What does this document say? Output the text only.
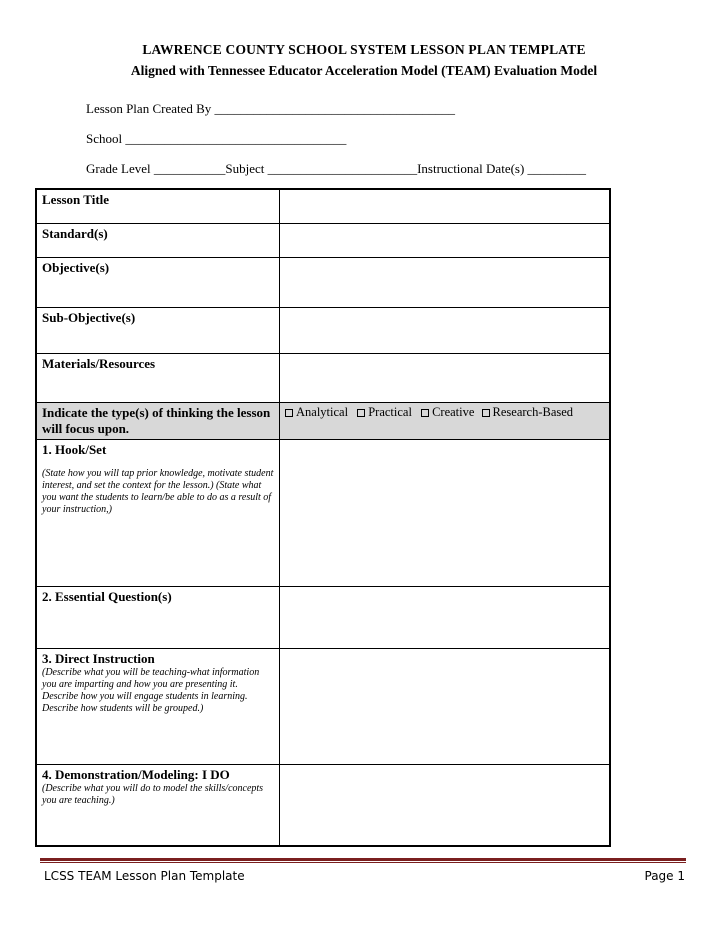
LAWRENCE COUNTY SCHOOL SYSTEM LESSON PLAN TEMPLATE

Aligned with Tennessee Educator Acceleration Model (TEAM) Evaluation Model

Lesson Plan Created By _____________________________________
School __________________________________
Grade Level ___________Subject _______________________Instructional Date(s) _________
Lesson Title	

Standard(s)	

Objective(s)	

Sub-Objective(s)	

Materials/Resources	

Indicate the type(s) of thinking the lesson will focus upon.	Analytical Practical Creative Research-Based

1. Hook/Set
(State how you will tap prior knowledge, motivate student interest, and set the context for the lesson.) (State what you want the students to learn/be able to do as a result of your instruction,)	

2. Essential Question(s)	

3. Direct Instruction
(Describe what you will be teaching-what information you are imparting and how you are presenting it. Describe how you will engage students in learning. Describe how students will be grouped.)	

4. Demonstration/Modeling: I DO
(Describe what you will do to model the skills/concepts you are teaching.)	

LCSS TEAM Lesson Plan Template	Page 1
